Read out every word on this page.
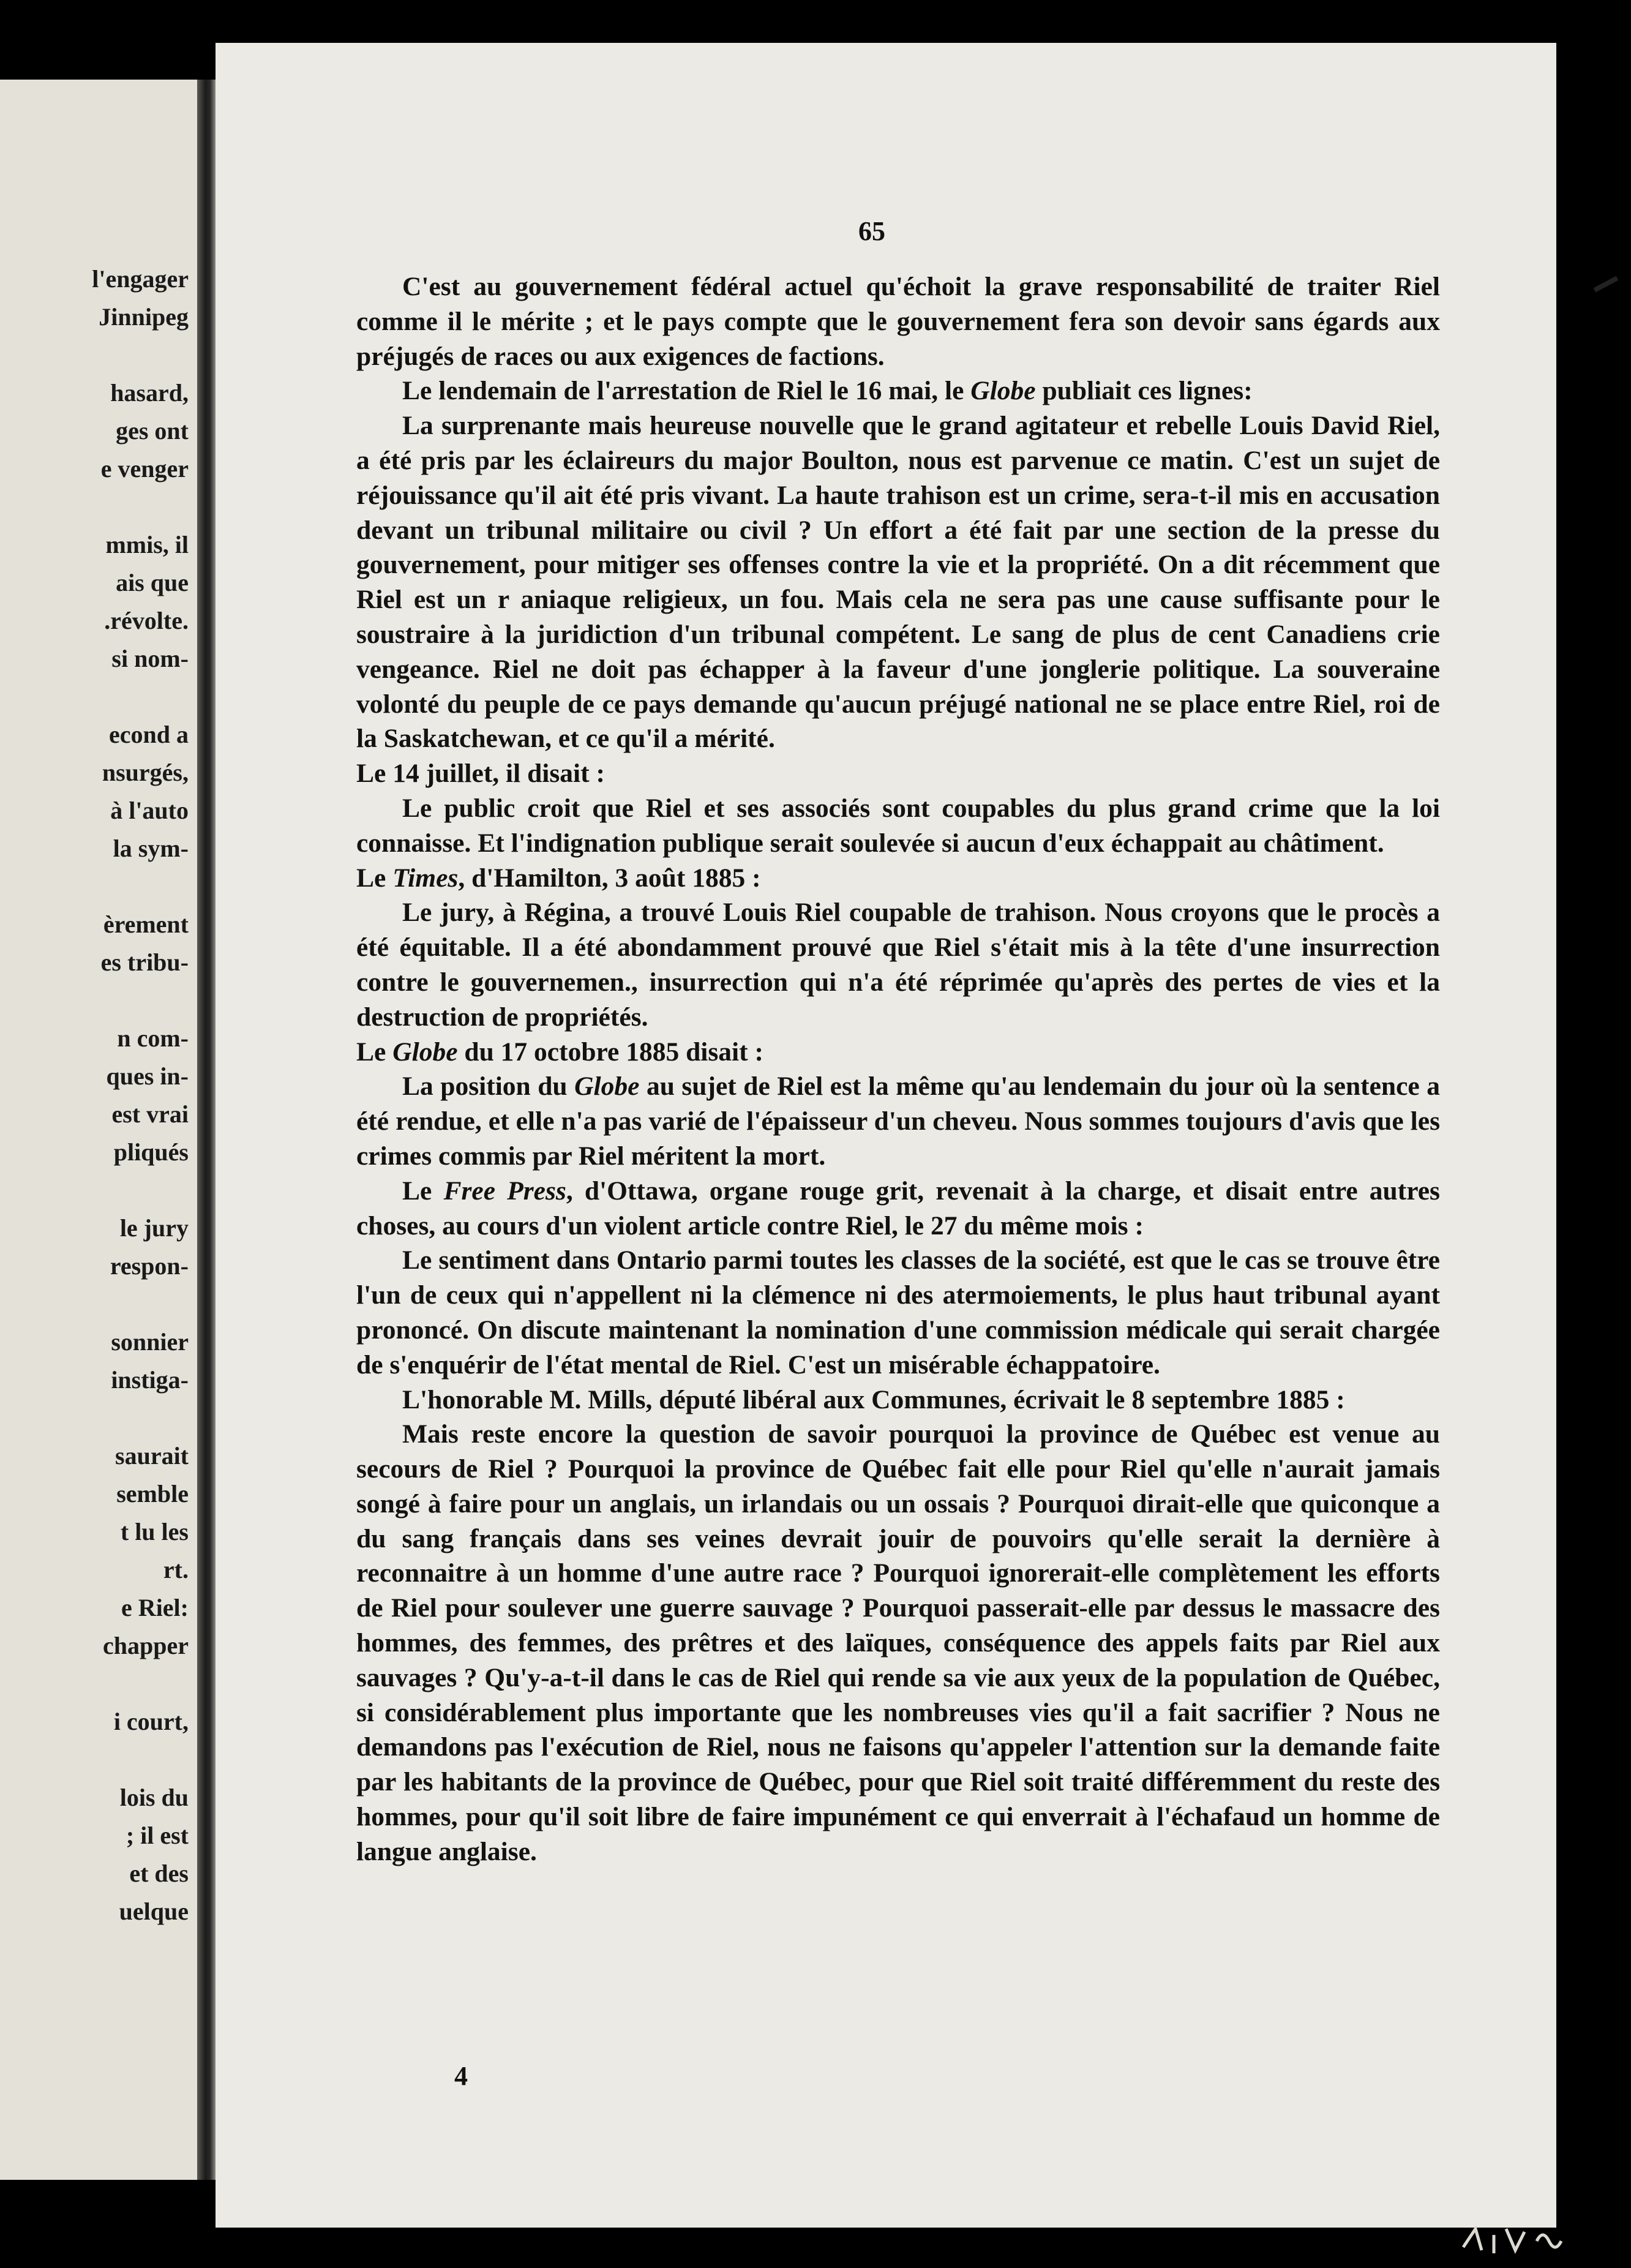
l'engager

Jinnipeg

hasard,

ges ont

e venger

mmis, il

ais que

.révolte.

si nom-

econd a

nsurgés,

à l'auto

la sym-

èrement

es tribu-

n com-

ques in-

est vrai

pliqués

le jury

respon-

sonnier

instiga-

saurait

semble

t lu les

rt.

e Riel:

chapper

i court,

lois du

; il est

et des

uelque

65

C'est au gouvernement fédéral actuel qu'échoit la grave responsabilité de traiter Riel comme il le mérite ; et le pays compte que le gouvernement fera son devoir sans égards aux préjugés de races ou aux exigences de factions.

Le lendemain de l'arrestation de Riel le 16 mai, le Globe publiait ces lignes:

La surprenante mais heureuse nouvelle que le grand agitateur et rebelle Louis David Riel, a été pris par les éclaireurs du major Boulton, nous est parvenue ce matin. C'est un sujet de réjouissance qu'il ait été pris vivant. La haute trahison est un crime, sera-t-il mis en accusation devant un tribunal militaire ou civil ? Un effort a été fait par une section de la presse du gouvernement, pour mitiger ses offenses contre la vie et la propriété. On a dit récemment que Riel est un r aniaque religieux, un fou. Mais cela ne sera pas une cause suffisante pour le soustraire à la juridiction d'un tribunal compétent. Le sang de plus de cent Canadiens crie vengeance. Riel ne doit pas échapper à la faveur d'une jonglerie politique. La souveraine volonté du peuple de ce pays demande qu'aucun préjugé national ne se place entre Riel, roi de la Saskatchewan, et ce qu'il a mérité.

Le 14 juillet, il disait :

Le public croit que Riel et ses associés sont coupables du plus grand crime que la loi connaisse. Et l'indignation publique serait soulevée si aucun d'eux échappait au châtiment.

Le Times, d'Hamilton, 3 août 1885 :

Le jury, à Régina, a trouvé Louis Riel coupable de trahison. Nous croyons que le procès a été équitable. Il a été abondamment prouvé que Riel s'était mis à la tête d'une insurrection contre le gouvernemen., insurrection qui n'a été réprimée qu'après des pertes de vies et la destruction de propriétés.

Le Globe du 17 octobre 1885 disait :

La position du Globe au sujet de Riel est la même qu'au lendemain du jour où la sentence a été rendue, et elle n'a pas varié de l'épaisseur d'un cheveu. Nous sommes toujours d'avis que les crimes commis par Riel méritent la mort.

Le Free Press, d'Ottawa, organe rouge grit, revenait à la charge, et disait entre autres choses, au cours d'un violent article contre Riel, le 27 du même mois :

Le sentiment dans Ontario parmi toutes les classes de la société, est que le cas se trouve être l'un de ceux qui n'appellent ni la clémence ni des atermoiements, le plus haut tribunal ayant prononcé. On discute maintenant la nomination d'une commission médicale qui serait chargée de s'enquérir de l'état mental de Riel. C'est un misérable échappatoire.

L'honorable M. Mills, député libéral aux Communes, écrivait le 8 septembre 1885 :

Mais reste encore la question de savoir pourquoi la province de Québec est venue au secours de Riel ? Pourquoi la province de Québec fait elle pour Riel qu'elle n'aurait jamais songé à faire pour un anglais, un irlandais ou un ossais ? Pourquoi dirait-elle que quiconque a du sang français dans ses veines devrait jouir de pouvoirs qu'elle serait la dernière à reconnaitre à un homme d'une autre race ? Pourquoi ignorerait-elle complètement les efforts de Riel pour soulever une guerre sauvage ? Pourquoi passerait-elle par dessus le massacre des hommes, des femmes, des prêtres et des laïques, conséquence des appels faits par Riel aux sauvages ? Qu'y-a-t-il dans le cas de Riel qui rende sa vie aux yeux de la population de Québec, si considérablement plus importante que les nombreuses vies qu'il a fait sacrifier ? Nous ne demandons pas l'exécution de Riel, nous ne faisons qu'appeler l'attention sur la demande faite par les habitants de la province de Québec, pour que Riel soit traité différemment du reste des hommes, pour qu'il soit libre de faire impunément ce qui enverrait à l'échafaud un homme de langue anglaise.

4
